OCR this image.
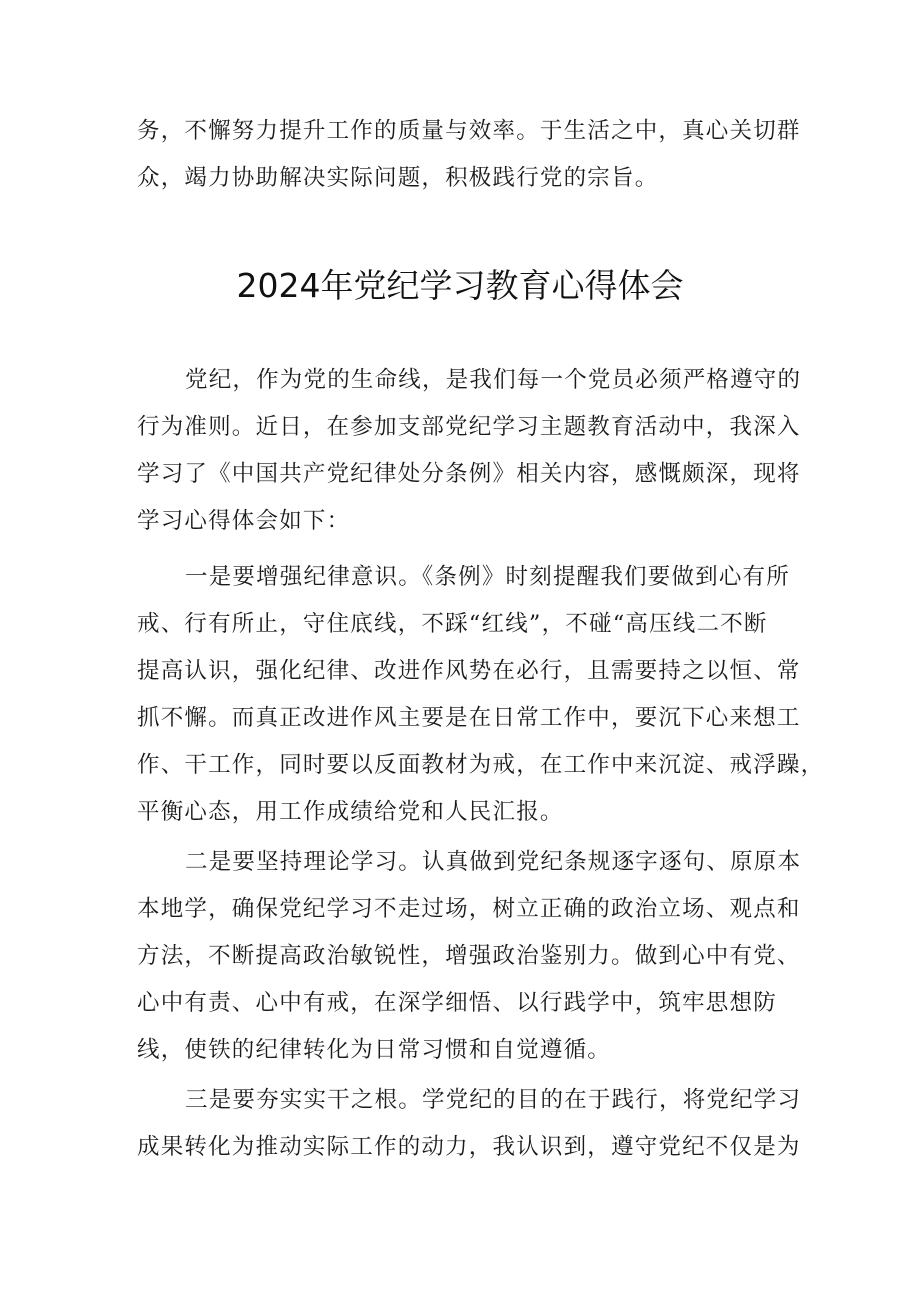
务，不懈努力提升工作的质量与效率。于生活之中，真心关切群
众，竭力协助解决实际问题，积极践行党的宗旨。
2024年党纪学习教育心得体会
党纪，作为党的生命线，是我们每一个党员必须严格遵守的
行为准则。近日，在参加支部党纪学习主题教育活动中，我深入
学习了《中国共产党纪律处分条例》相关内容，感慨颇深，现将
学习心得体会如下：
一是要增强纪律意识。《条例》时刻提醒我们要做到心有所
戒、行有所止，守住底线，不踩“红线”，不碰“高压线二不断
提高认识，强化纪律、改进作风势在必行，且需要持之以恒、常
抓不懈。而真正改进作风主要是在日常工作中，要沉下心来想工
作、干工作，同时要以反面教材为戒，在工作中来沉淀、戒浮躁，
平衡心态，用工作成绩给党和人民汇报。
二是要坚持理论学习。认真做到党纪条规逐字逐句、原原本
本地学，确保党纪学习不走过场，树立正确的政治立场、观点和
方法，不断提高政治敏锐性，增强政治鉴别力。做到心中有党、
心中有责、心中有戒，在深学细悟、以行践学中，筑牢思想防
线，使铁的纪律转化为日常习惯和自觉遵循。
三是要夯实实干之根。学党纪的目的在于践行，将党纪学习
成果转化为推动实际工作的动力，我认识到，遵守党纪不仅是为
